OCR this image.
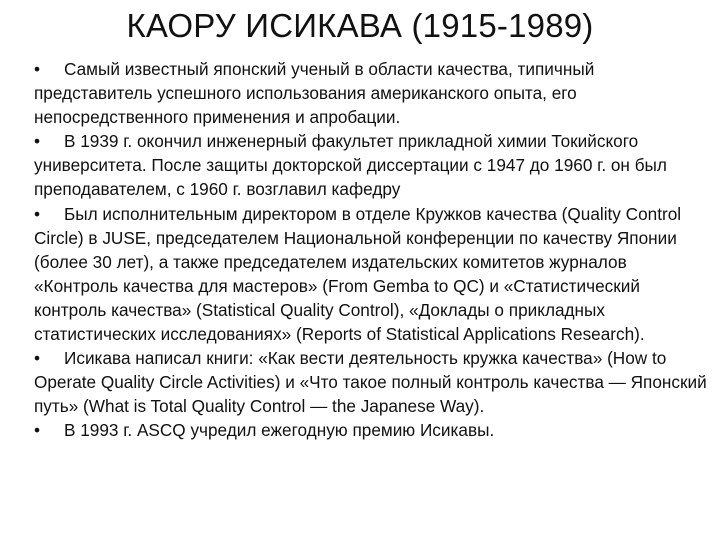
КАОРУ ИСИКАВА (1915-1989)

• Самый известный японский ученый в области качества, типичный представитель успешного использования американского опыта, его непосредственного применения и апробации.

• В 1939 г. окончил инженерный факультет прикладной химии Токийского университета. После защиты докторской диссертации с 1947 до 1960 г. он был преподавателем, с 1960 г. возглавил кафедру

• Был исполнительным директором в отделе Кружков качества (Quality Control Circle) в JUSE, председателем Национальной конференции по качеству Японии (более 30 лет), а также председателем издательских комитетов журналов «Контроль качества для мастеров» (From Gemba to QC) и «Статистический контроль качества» (Statistical Quality Control), «Доклады о прикладных статистических исследованиях» (Reports of Statistical Applications Research).

• Исикава написал книги: «Как вести деятельность кружка качества» (How to Operate Quality Circle Activities) и «Что такое полный контроль качества — Японский путь» (What is Total Quality Control — the Japanese Way).

• В 1993 г. ASCQ учредил ежегодную премию Исикавы.
